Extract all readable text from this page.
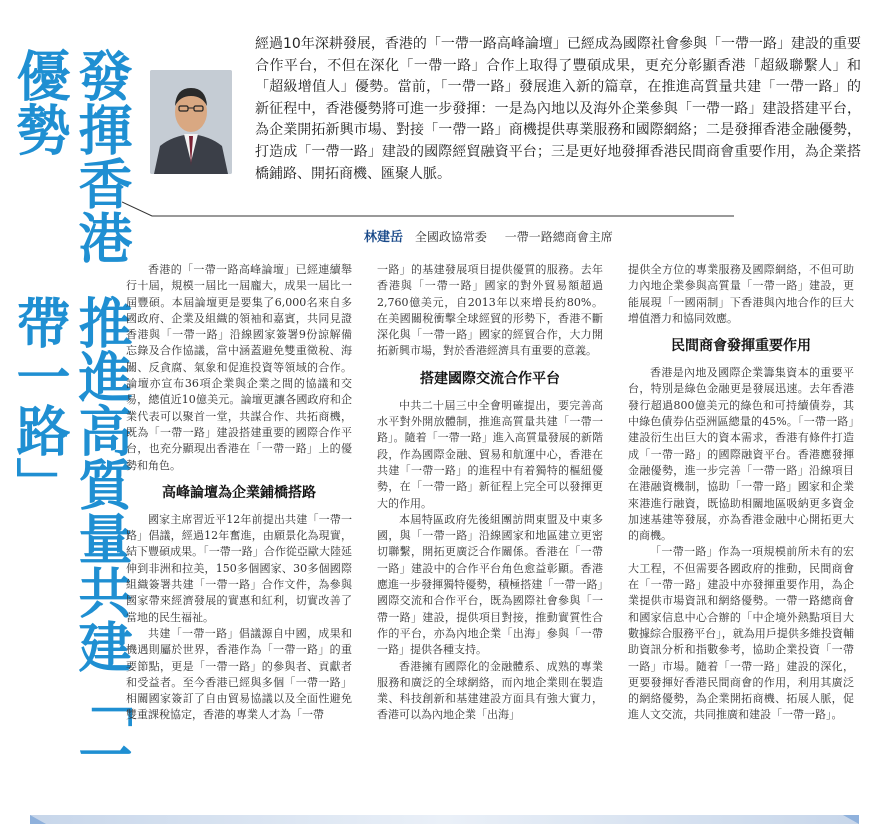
發揮香港優勢
推進高質量共建「一帶一路」

經過10年深耕發展，香港的「一帶一路高峰論壇」已經成為國際社會參與「一帶一路」建設的重要合作平台，不但在深化「一帶一路」合作上取得了豐碩成果，更充分彰顯香港「超級聯繫人」和「超級增值人」優勢。當前，「一帶一路」發展進入新的篇章，在推進高質量共建「一帶一路」的新征程中，香港優勢將可進一步發揮：一是為內地以及海外企業參與「一帶一路」建設搭建平台，為企業開拓新興市場、對接「一帶一路」商機提供專業服務和國際網絡；二是發揮香港金融優勢，打造成「一帶一路」建設的國際經貿融資平台；三是更好地發揮香港民間商會重要作用，為企業搭橋鋪路、開拓商機、匯聚人脈。

林建岳 全國政協常委 一帶一路總商會主席

香港的「一帶一路高峰論壇」已經連續舉行十屆，規模一屆比一屆龐大，成果一屆比一屆豐碩。本屆論壇更是要集了6,000名來自多國政府、企業及組織的領袖和嘉賓，共同見證香港與「一帶一路」沿線國家簽署9份諒解備忘錄及合作協議，當中涵蓋避免雙重徵稅、海關、反貪腐、氣象和促進投資等領域的合作。論壇亦宣布36項企業與企業之間的協議和交易，總值近10億美元。論壇更讓各國政府和企業代表可以聚首一堂，共謀合作、共拓商機，既為「一帶一路」建設搭建重要的國際合作平台，也充分顯現出香港在「一帶一路」上的優勢和角色。

高峰論壇為企業鋪橋搭路

國家主席習近平12年前提出共建「一帶一路」倡議，經過12年奮進，由願景化為現實，結下豐碩成果。「一帶一路」合作從亞歐大陸延伸到非洲和拉美，150多個國家、30多個國際組織簽署共建「一帶一路」合作文件，為參與國家帶來經濟發展的實惠和紅利，切實改善了當地的民生福祉。

共建「一帶一路」倡議源自中國，成果和機遇則屬於世界，香港作為「一帶一路」的重要節點，更是「一帶一路」的參與者、貢獻者和受益者。至今香港已經與多個「一帶一路」相關國家簽訂了自由貿易協議以及全面性避免雙重課稅協定，香港的專業人才為「一帶

一路」的基建發展項目提供優質的服務。去年香港與「一帶一路」國家的對外貿易額超過2,760億美元，自2013年以來增長約80%。在美國關稅衝擊全球經貿的形勢下，香港不斷深化與「一帶一路」國家的經貿合作，大力開拓新興市場，對於香港經濟具有重要的意義。

搭建國際交流合作平台

中共二十屆三中全會明確提出，要完善高水平對外開放體制，推進高質量共建「一帶一路」。隨着「一帶一路」進入高質量發展的新階段，作為國際金融、貿易和航運中心，香港在共建「一帶一路」的進程中有着獨特的樞紐優勢，在「一帶一路」新征程上完全可以發揮更大的作用。

本屆特區政府先後組團訪問東盟及中東多國，與「一帶一路」沿線國家和地區建立更密切聯繫，開拓更廣泛合作關係。香港在「一帶一路」建設中的合作平台角色愈益彰顯。香港應進一步發揮獨特優勢，積極搭建「一帶一路」國際交流和合作平台，既為國際社會參與「一帶一路」建設，提供項目對接，推動實質性合作的平台，亦為內地企業「出海」參與「一帶一路」提供各種支持。

香港擁有國際化的金融體系、成熟的專業服務和廣泛的全球網絡，而內地企業則在製造業、科技創新和基建建設方面具有強大實力，香港可以為內地企業「出海」

提供全方位的專業服務及國際網絡，不但可助力內地企業參與高質量「一帶一路」建設，更能展現「一國兩制」下香港與內地合作的巨大增值潛力和協同效應。

民間商會發揮重要作用

香港是內地及國際企業籌集資本的重要平台，特別是綠色金融更是發展迅速。去年香港發行超過800億美元的綠色和可持續債券，其中綠色債券佔亞洲區總量的45%。「一帶一路」建設衍生出巨大的資本需求，香港有條件打造成「一帶一路」的國際融資平台。香港應發揮金融優勢，進一步完善「一帶一路」沿線項目在港融資機制，協助「一帶一路」國家和企業來港進行融資，既協助相關地區吸納更多資金加速基建等發展，亦為香港金融中心開拓更大的商機。

「一帶一路」作為一項規模前所未有的宏大工程，不但需要各國政府的推動，民間商會在「一帶一路」建設中亦發揮重要作用，為企業提供市場資訊和網絡優勢。一帶一路總商會和國家信息中心合辦的「中企境外熱點項目大數據綜合服務平台」，就為用戶提供多維投資輔助資訊分析和指數參考，協助企業投資「一帶一路」市場。隨着「一帶一路」建設的深化，更要發揮好香港民間商會的作用，利用其廣泛的網絡優勢，為企業開拓商機、拓展人脈，促進人文交流，共同推廣和建設「一帶一路」。
